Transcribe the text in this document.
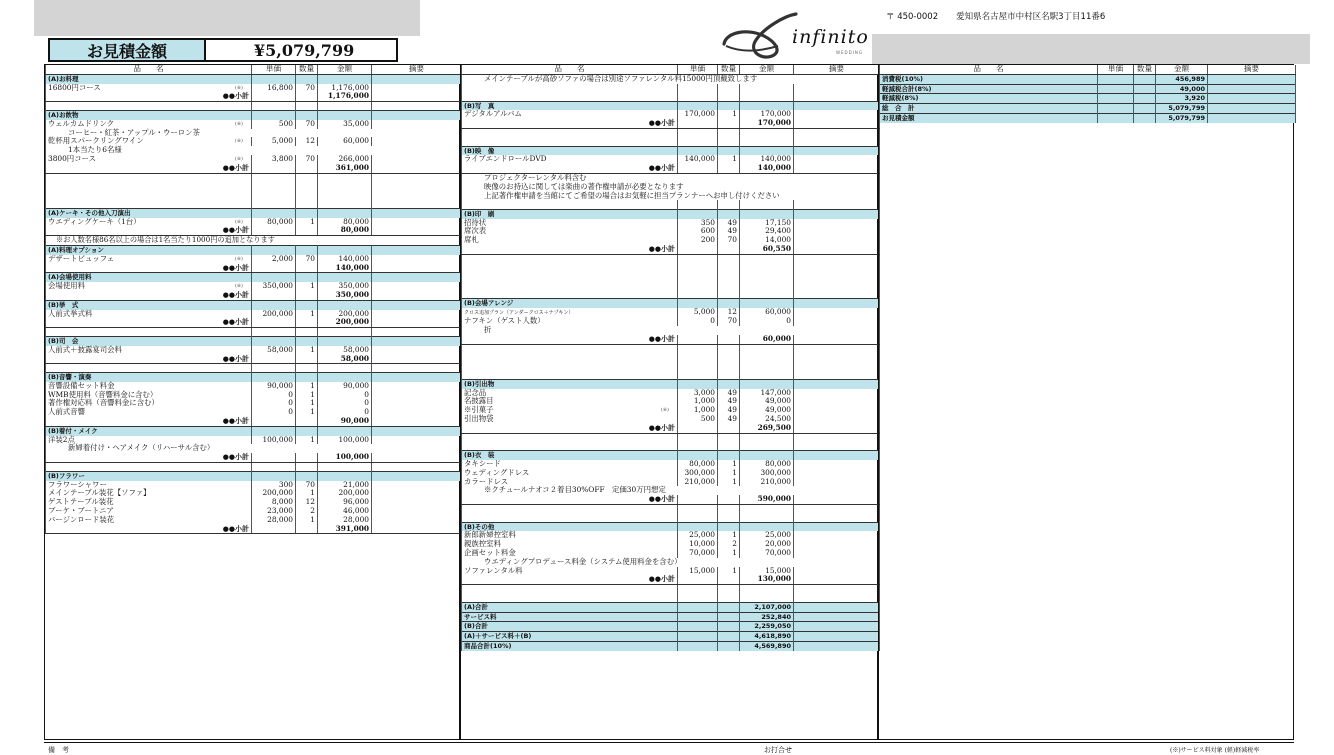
お見積金額	¥5,079,799
infinito
WEDDING
〒 450-0002 愛知県名古屋市中村区名駅3丁目11番6
品　　名	単価	数量	金額	摘要
(A)お料理				
16800円コース (※)	16,800	70	1,176,000	
●●小計			1,176,000	

(A)お飲物				
ウェルカムドリンク (※)	500	70	35,000	
コーヒー・紅茶・アップル・ウーロン茶				
乾杯用スパークリングワイン (※)	5,000	12	60,000	
1本当たり6名様				
3800円コース (※)	3,800	70	266,000	
●●小計			361,000	

(A)ケーキ・その他入刀演出				
ウエディングケーキ（1台） (※)	80,000	1	80,000	
●●小計			80,000	
※お人数名様86名以上の場合は1名当たり1000円の追加となります				
(A)料理オプション				
デザートビュッフェ (※)	2,000	70	140,000	
●●小計			140,000	
(A)会場使用料				
会場使用料 (※)	350,000	1	350,000	
●●小計			350,000	
(B)挙　式				
人前式挙式料	200,000	1	200,000	
●●小計			200,000	

(B)司　会				
人前式＋披露宴司会料	58,000	1	58,000	
●●小計			58,000	

(B)音響・演奏				
音響設備セット料金	90,000	1	90,000	
WMB使用料（音響料金に含む）	0	1	0	
著作権対応料（音響料金に含む）	0	1	0	
人前式音響	0	1	0	
●●小計			90,000	
(B)着付・メイク				
洋装2点	100,000	1	100,000	
新婦着付け・ヘアメイク（リハーサル含む）				
●●小計			100,000	

(B)フラワー				
フラワーシャワー	300	70	21,000	
メインテーブル装花【ソファ】	200,000	1	200,000	
ゲストテーブル装花	8,000	12	96,000	
ブーケ・ブートニア	23,000	2	46,000	
バージンロード装花	28,000	1	28,000	
●●小計			391,000	
品　　名	単価	数量	金額	摘要
メインテーブルが高砂ソファの場合は別途ソファレンタル料15000円頂戴致します				

(B)写　真				
デジタルアルバム	170,000	1	170,000	
●●小計			170,000	

(B)映　像				
ライブエンドロールDVD	140,000	1	140,000	
●●小計			140,000	
プロジェクターレンタル料含む				
映像のお持込に関しては楽曲の著作権申請が必要となります				
上記著作権申請を当館にてご希望の場合はお気軽に担当プランナーへお申し付けください				

(B)印　刷				
招待状	350	49	17,150	
席次表	600	49	29,400	
席札	200	70	14,000	
●●小計			60,550	

(B)会場アレンジ				
クロス追加プラン（アンダークロス＋ナプキン）	5,000	12	60,000	
ナフキン（ゲスト人数）	0	70	0	
折				
●●小計			60,000	

(B)引出物				
記念品	3,000	49	147,000	
名披露目	1,000	49	49,000	
※引菓子 (※)	1,000	49	49,000	
引出物袋	500	49	24,500	
●●小計			269,500	

(B)衣　装				
タキシード	80,000	1	80,000	
ウェディングドレス	300,000	1	300,000	
カラードレス	210,000	1	210,000	
※クチュールナオコ２着目30%OFF　定価30万円想定				
●●小計			590,000	

(B)その他				
新郎新婦控室料	25,000	1	25,000	
親族控室料	10,000	2	20,000	
企画セット料金	70,000	1	70,000	
ウエディングプロデュース料金（システム使用料金を含む）				
ソファレンタル料	15,000	1	15,000	
●●小計			130,000	

(A)合計			2,107,000	
サービス料			252,840	
(B)合計			2,259,050	
(A)＋サービス料＋(B)			4,618,890	
商品合計(10%)			4,569,890	
品　　名	単価	数量	金額	摘要
消費税(10%)			456,989	
軽減税合計(8%)			49,000	
軽減税(8%)			3,920	
総　合　計			5,079,799	
お見積金額			5,079,799	
備　考	お打合せ	(※)サービス料対象 (軽)軽減税率
